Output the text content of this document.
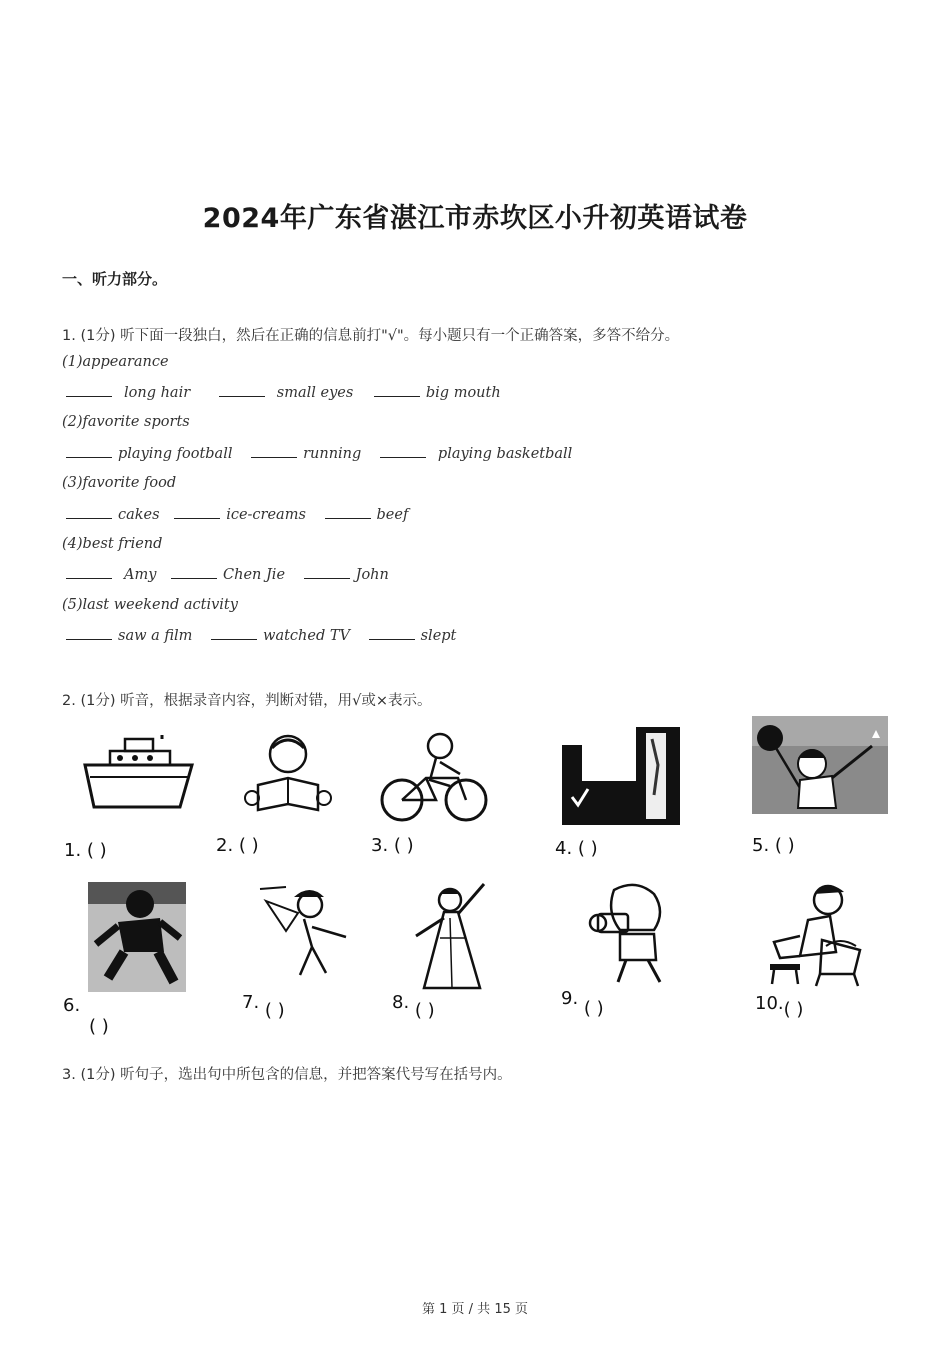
2024年广东省湛江市赤坎区小升初英语试卷
一、听力部分。
1. (1分) 听下面一段独白，然后在正确的信息前打"√"。每小题只有一个正确答案，多答不给分。
(1)appearance
long hair	small eyes	big mouth
(2)favorite sports
playing football	running	playing basketball
(3)favorite food
cakes	ice-creams	beef
(4)best friend
Amy	Chen Jie	John
(5)last weekend activity
saw a film	watched TV	slept
2. (1分) 听音，根据录音内容，判断对错，用√或×表示。
1. ( )	2. ( )	3. ( )	4. ( )	5. ( )
6.
( )
7. ( )	8. ( )
9. ( )	10.( )
3. (1分) 听句子，选出句中所包含的信息，并把答案代号写在括号内。
第 1 页 / 共 15 页
